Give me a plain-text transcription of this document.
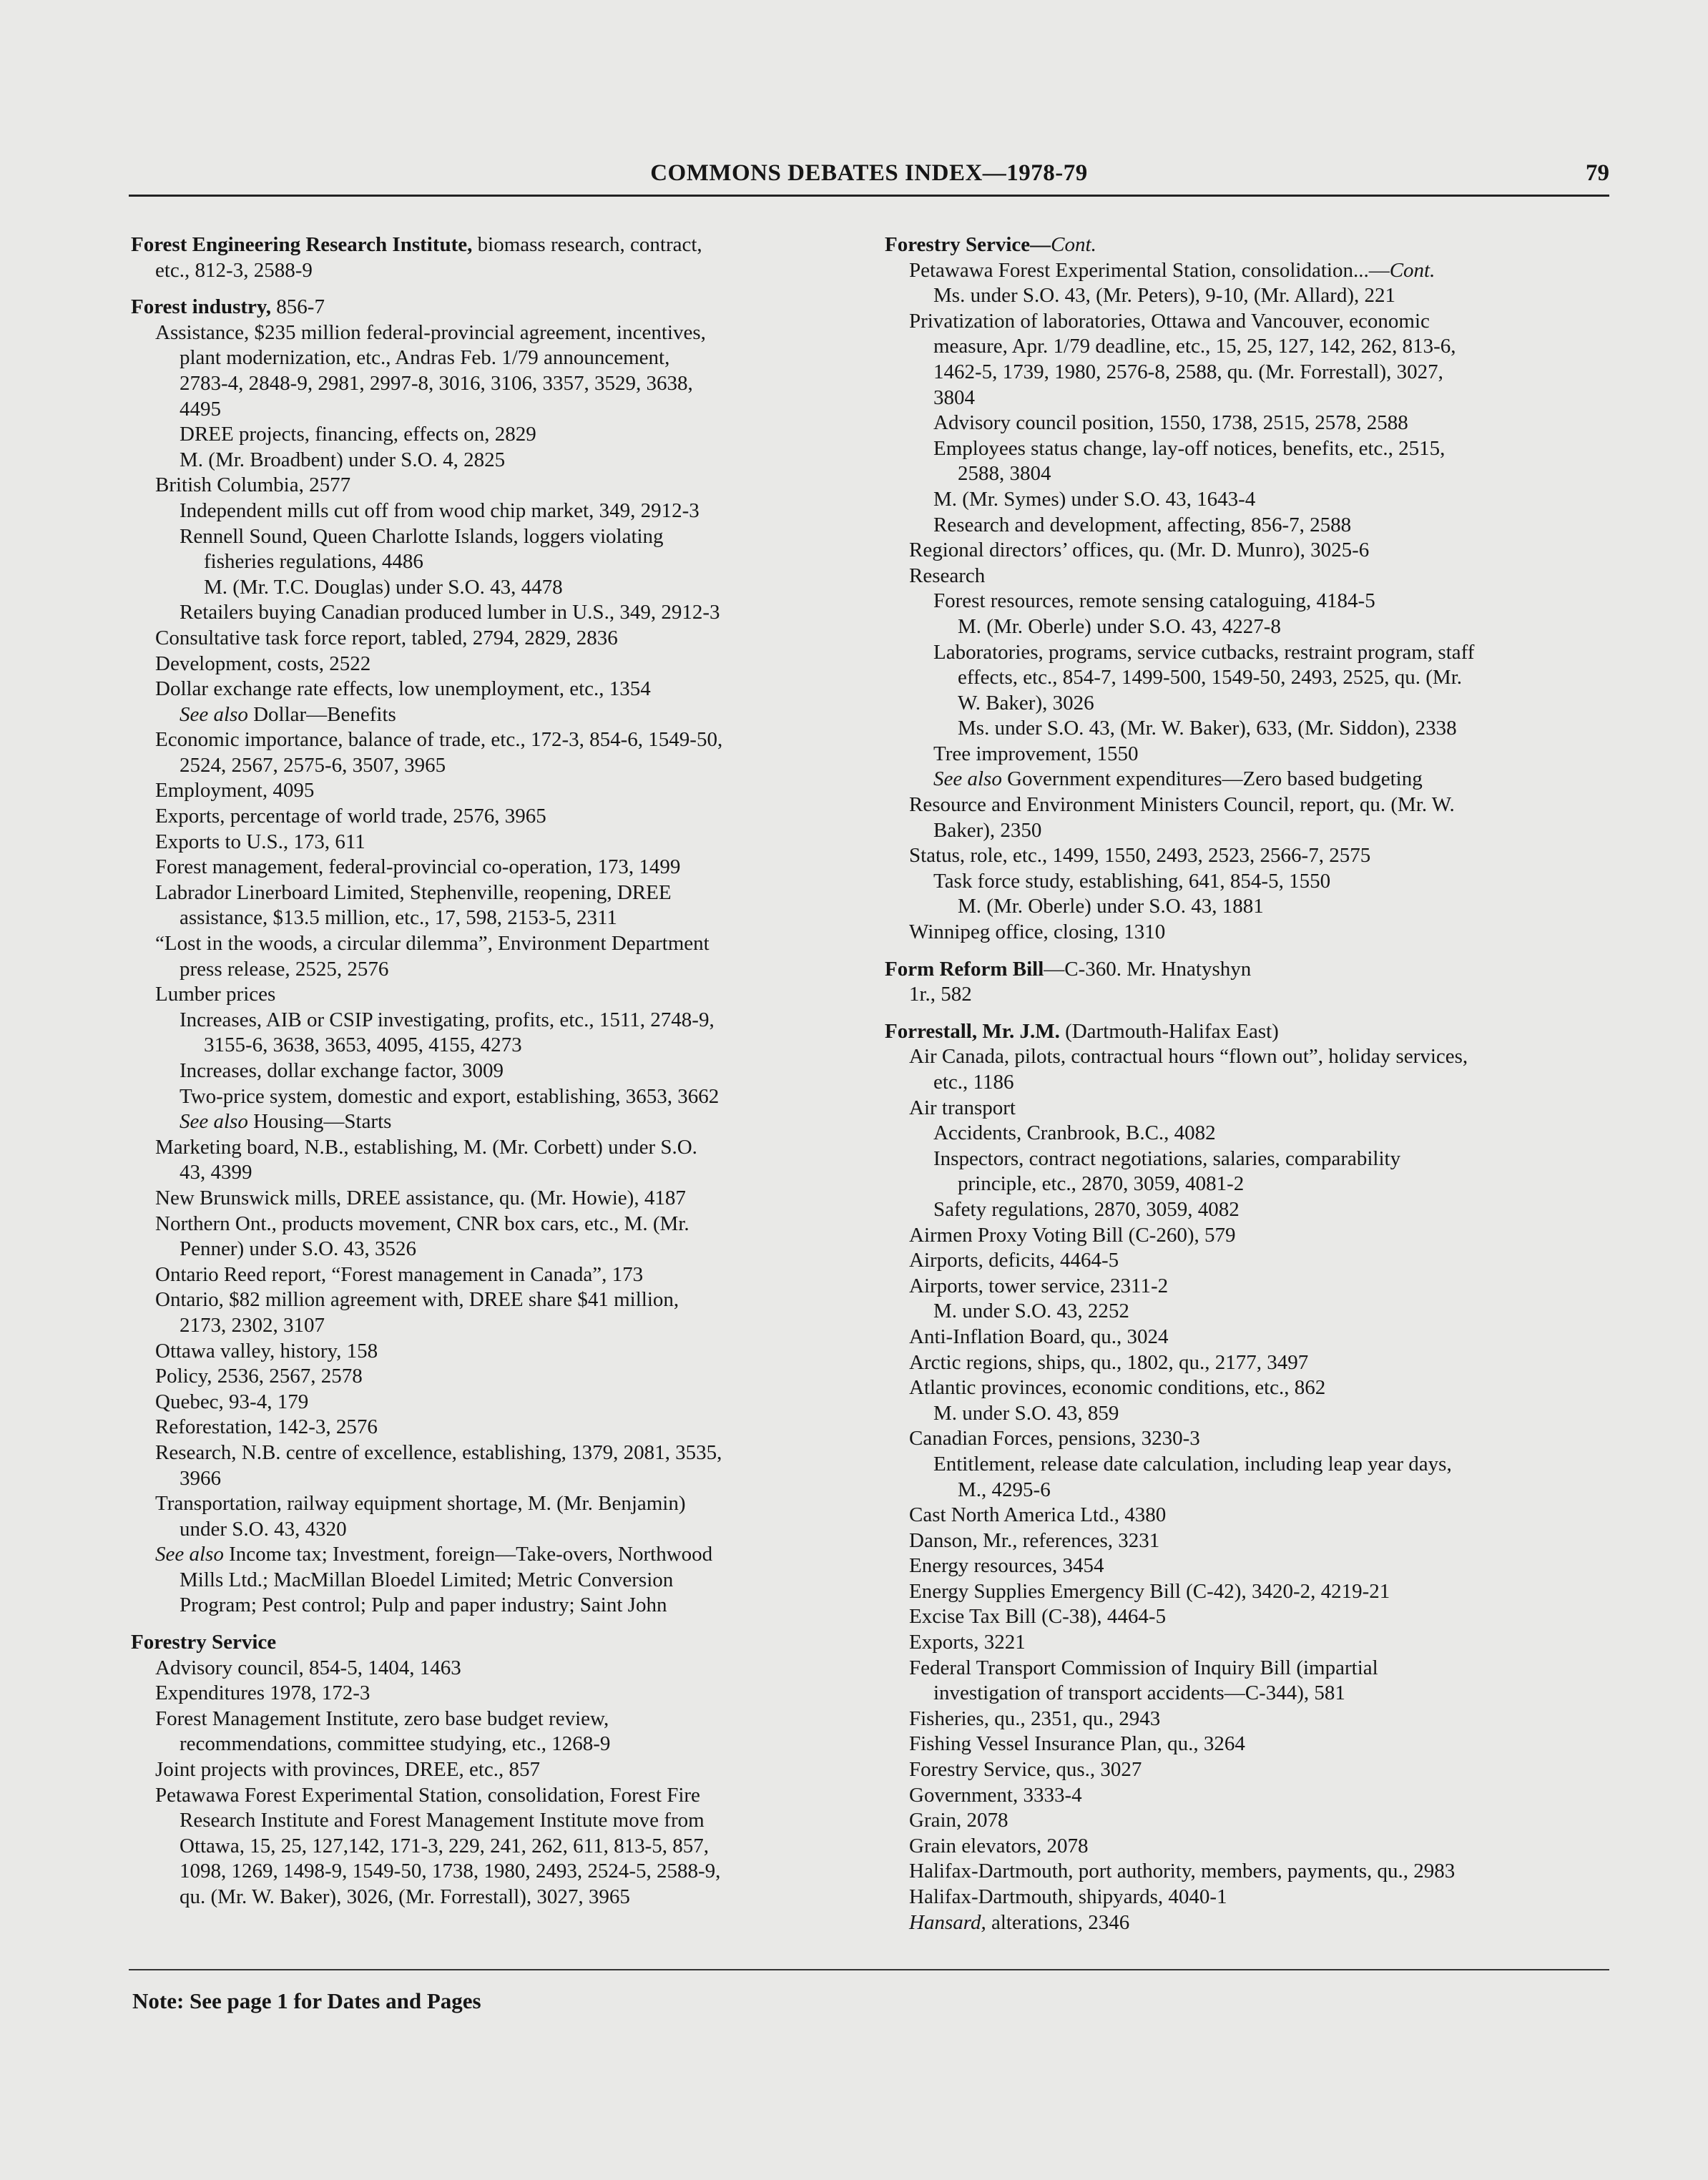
COMMONS DEBATES INDEX—1978-79	79
Forest Engineering Research Institute, biomass research, contract,
etc., 812-3, 2588-9
Forest industry, 856-7
Assistance, $235 million federal-provincial agreement, incentives,
plant modernization, etc., Andras Feb. 1/79 announcement,
2783-4, 2848-9, 2981, 2997-8, 3016, 3106, 3357, 3529, 3638,
4495
DREE projects, financing, effects on, 2829
M. (Mr. Broadbent) under S.O. 4, 2825
British Columbia, 2577
Independent mills cut off from wood chip market, 349, 2912-3
Rennell Sound, Queen Charlotte Islands, loggers violating
fisheries regulations, 4486
M. (Mr. T.C. Douglas) under S.O. 43, 4478
Retailers buying Canadian produced lumber in U.S., 349, 2912-3
Consultative task force report, tabled, 2794, 2829, 2836
Development, costs, 2522
Dollar exchange rate effects, low unemployment, etc., 1354
See also Dollar—Benefits
Economic importance, balance of trade, etc., 172-3, 854-6, 1549-50,
2524, 2567, 2575-6, 3507, 3965
Employment, 4095
Exports, percentage of world trade, 2576, 3965
Exports to U.S., 173, 611
Forest management, federal-provincial co-operation, 173, 1499
Labrador Linerboard Limited, Stephenville, reopening, DREE
assistance, $13.5 million, etc., 17, 598, 2153-5, 2311
“Lost in the woods, a circular dilemma”, Environment Department
press release, 2525, 2576
Lumber prices
Increases, AIB or CSIP investigating, profits, etc., 1511, 2748-9,
3155-6, 3638, 3653, 4095, 4155, 4273
Increases, dollar exchange factor, 3009
Two-price system, domestic and export, establishing, 3653, 3662
See also Housing—Starts
Marketing board, N.B., establishing, M. (Mr. Corbett) under S.O.
43, 4399
New Brunswick mills, DREE assistance, qu. (Mr. Howie), 4187
Northern Ont., products movement, CNR box cars, etc., M. (Mr.
Penner) under S.O. 43, 3526
Ontario Reed report, “Forest management in Canada”, 173
Ontario, $82 million agreement with, DREE share $41 million,
2173, 2302, 3107
Ottawa valley, history, 158
Policy, 2536, 2567, 2578
Quebec, 93-4, 179
Reforestation, 142-3, 2576
Research, N.B. centre of excellence, establishing, 1379, 2081, 3535,
3966
Transportation, railway equipment shortage, M. (Mr. Benjamin)
under S.O. 43, 4320
See also Income tax; Investment, foreign—Take-overs, Northwood
Mills Ltd.; MacMillan Bloedel Limited; Metric Conversion
Program; Pest control; Pulp and paper industry; Saint John
Forestry Service
Advisory council, 854-5, 1404, 1463
Expenditures 1978, 172-3
Forest Management Institute, zero base budget review,
recommendations, committee studying, etc., 1268-9
Joint projects with provinces, DREE, etc., 857
Petawawa Forest Experimental Station, consolidation, Forest Fire
Research Institute and Forest Management Institute move from
Ottawa, 15, 25, 127,142, 171-3, 229, 241, 262, 611, 813-5, 857,
1098, 1269, 1498-9, 1549-50, 1738, 1980, 2493, 2524-5, 2588-9,
qu. (Mr. W. Baker), 3026, (Mr. Forrestall), 3027, 3965
Forestry Service—Cont.
Petawawa Forest Experimental Station, consolidation...—Cont.
Ms. under S.O. 43, (Mr. Peters), 9-10, (Mr. Allard), 221
Privatization of laboratories, Ottawa and Vancouver, economic
measure, Apr. 1/79 deadline, etc., 15, 25, 127, 142, 262, 813-6,
1462-5, 1739, 1980, 2576-8, 2588, qu. (Mr. Forrestall), 3027,
3804
Advisory council position, 1550, 1738, 2515, 2578, 2588
Employees status change, lay-off notices, benefits, etc., 2515,
2588, 3804
M. (Mr. Symes) under S.O. 43, 1643-4
Research and development, affecting, 856-7, 2588
Regional directors’ offices, qu. (Mr. D. Munro), 3025-6
Research
Forest resources, remote sensing cataloguing, 4184-5
M. (Mr. Oberle) under S.O. 43, 4227-8
Laboratories, programs, service cutbacks, restraint program, staff
effects, etc., 854-7, 1499-500, 1549-50, 2493, 2525, qu. (Mr.
W. Baker), 3026
Ms. under S.O. 43, (Mr. W. Baker), 633, (Mr. Siddon), 2338
Tree improvement, 1550
See also Government expenditures—Zero based budgeting
Resource and Environment Ministers Council, report, qu. (Mr. W.
Baker), 2350
Status, role, etc., 1499, 1550, 2493, 2523, 2566-7, 2575
Task force study, establishing, 641, 854-5, 1550
M. (Mr. Oberle) under S.O. 43, 1881
Winnipeg office, closing, 1310
Form Reform Bill—C-360. Mr. Hnatyshyn
1r., 582
Forrestall, Mr. J.M. (Dartmouth-Halifax East)
Air Canada, pilots, contractual hours “flown out”, holiday services,
etc., 1186
Air transport
Accidents, Cranbrook, B.C., 4082
Inspectors, contract negotiations, salaries, comparability
principle, etc., 2870, 3059, 4081-2
Safety regulations, 2870, 3059, 4082
Airmen Proxy Voting Bill (C-260), 579
Airports, deficits, 4464-5
Airports, tower service, 2311-2
M. under S.O. 43, 2252
Anti-Inflation Board, qu., 3024
Arctic regions, ships, qu., 1802, qu., 2177, 3497
Atlantic provinces, economic conditions, etc., 862
M. under S.O. 43, 859
Canadian Forces, pensions, 3230-3
Entitlement, release date calculation, including leap year days,
M., 4295-6
Cast North America Ltd., 4380
Danson, Mr., references, 3231
Energy resources, 3454
Energy Supplies Emergency Bill (C-42), 3420-2, 4219-21
Excise Tax Bill (C-38), 4464-5
Exports, 3221
Federal Transport Commission of Inquiry Bill (impartial
investigation of transport accidents—C-344), 581
Fisheries, qu., 2351, qu., 2943
Fishing Vessel Insurance Plan, qu., 3264
Forestry Service, qus., 3027
Government, 3333-4
Grain, 2078
Grain elevators, 2078
Halifax-Dartmouth, port authority, members, payments, qu., 2983
Halifax-Dartmouth, shipyards, 4040-1
Hansard, alterations, 2346
Note: See page 1 for Dates and Pages
